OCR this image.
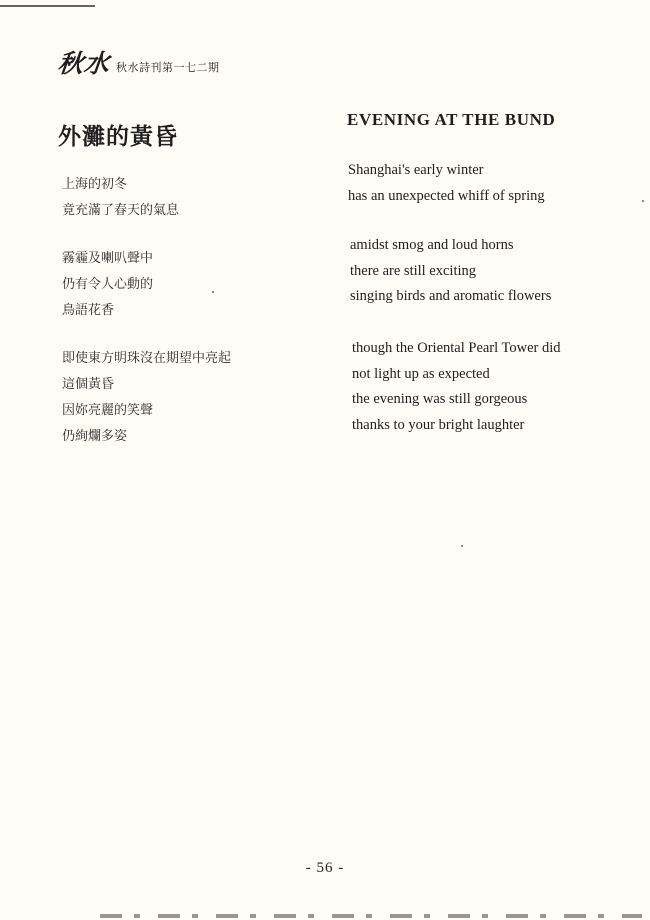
秋水 秋水詩刊第一七二期
外灘的黃昏
上海的初冬
竟充滿了春天的氣息
霧霾及喇叭聲中
仍有令人心動的
鳥語花香
即使東方明珠沒在期望中亮起
這個黃昏
因妳亮麗的笑聲
仍絢爛多姿
EVENING AT THE BUND
Shanghai's early winter
has an unexpected whiff of spring
amidst smog and loud horns
there are still exciting
singing birds and aromatic flowers
though the Oriental Pearl Tower did
not light up as expected
the evening was still gorgeous
thanks to your bright laughter
- 56 -
